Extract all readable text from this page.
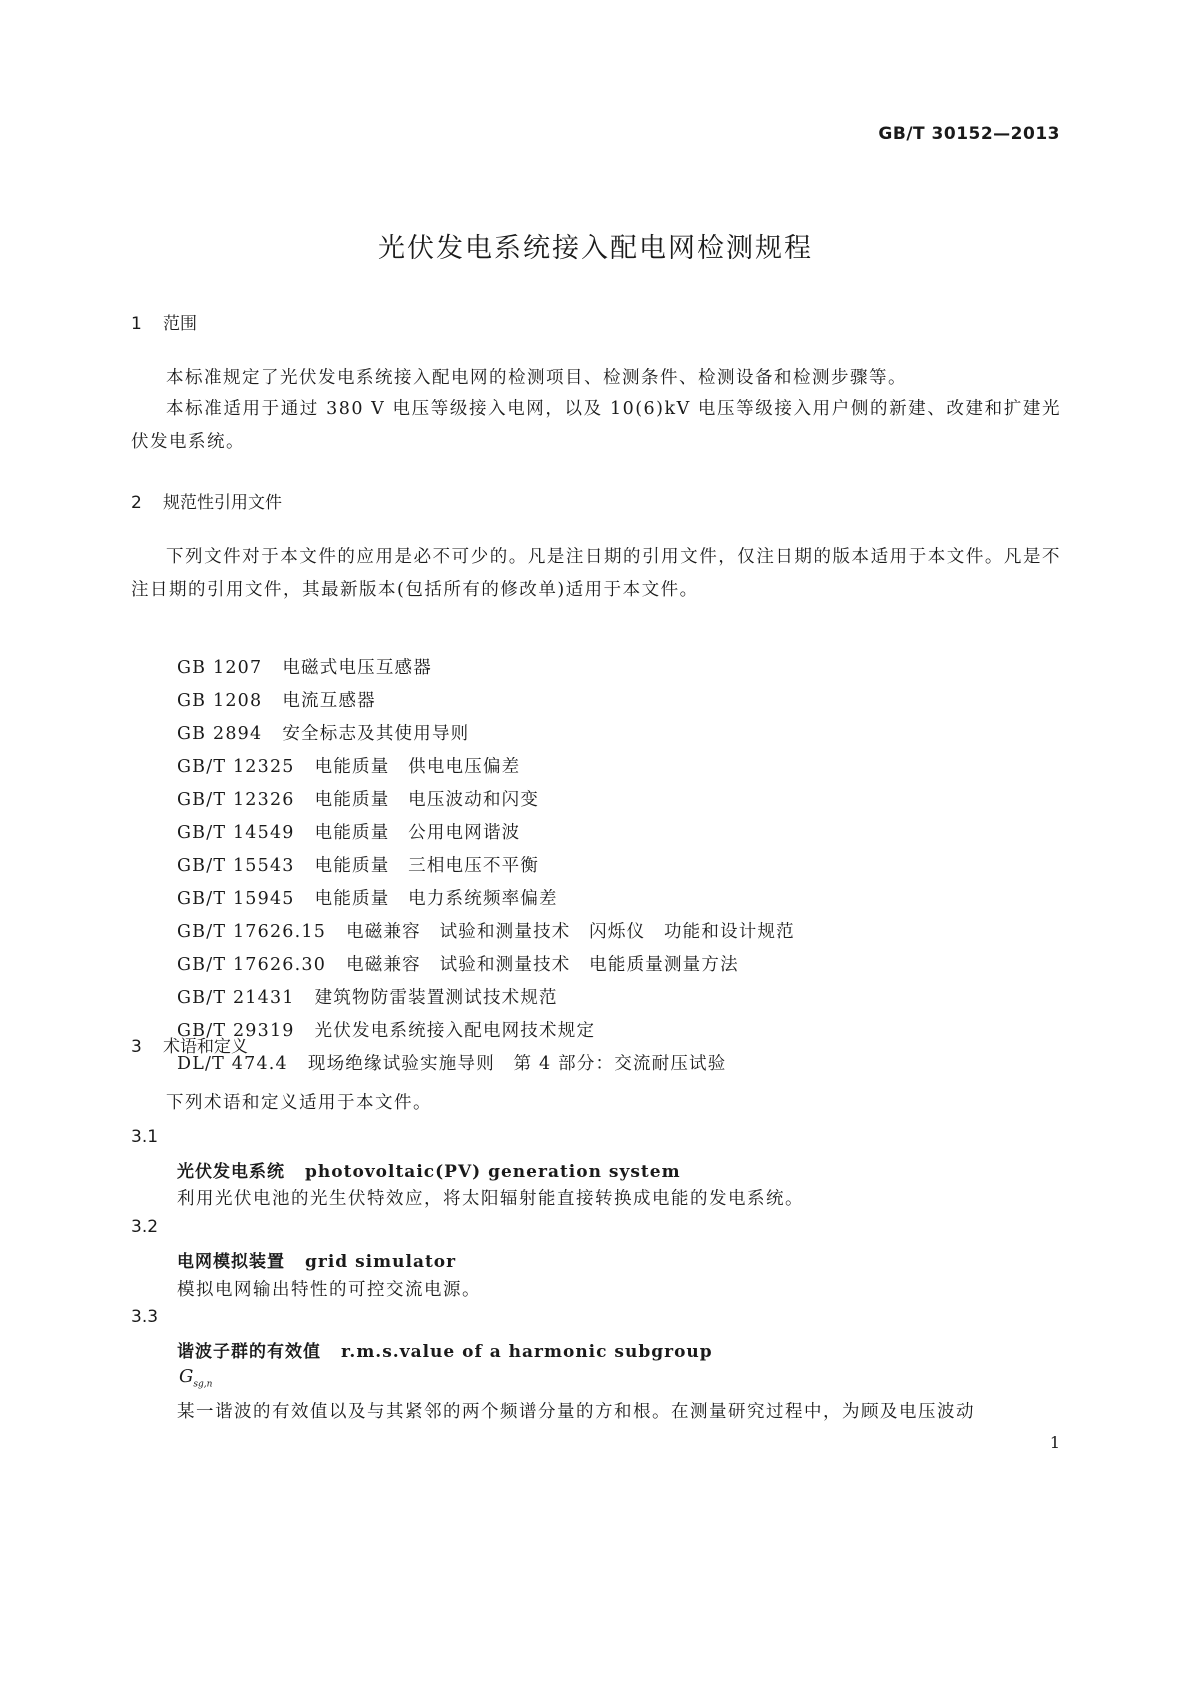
GB/T 30152—2013
光伏发电系统接入配电网检测规程
1 范围
本标准规定了光伏发电系统接入配电网的检测项目、检测条件、检测设备和检测步骤等。
本标准适用于通过 380 V 电压等级接入电网，以及 10(6)kV 电压等级接入用户侧的新建、改建和扩建光伏发电系统。
2 规范性引用文件
下列文件对于本文件的应用是必不可少的。凡是注日期的引用文件，仅注日期的版本适用于本文件。凡是不注日期的引用文件，其最新版本(包括所有的修改单)适用于本文件。
GB 1207 电磁式电压互感器
GB 1208 电流互感器
GB 2894 安全标志及其使用导则
GB/T 12325 电能质量　供电电压偏差
GB/T 12326 电能质量　电压波动和闪变
GB/T 14549 电能质量　公用电网谐波
GB/T 15543 电能质量　三相电压不平衡
GB/T 15945 电能质量　电力系统频率偏差
GB/T 17626.15 电磁兼容　试验和测量技术　闪烁仪　功能和设计规范
GB/T 17626.30 电磁兼容　试验和测量技术　电能质量测量方法
GB/T 21431 建筑物防雷装置测试技术规范
GB/T 29319 光伏发电系统接入配电网技术规定
DL/T 474.4 现场绝缘试验实施导则　第 4 部分：交流耐压试验
3 术语和定义
下列术语和定义适用于本文件。
3.1
光伏发电系统 photovoltaic(PV) generation system
利用光伏电池的光生伏特效应，将太阳辐射能直接转换成电能的发电系统。
3.2
电网模拟装置 grid simulator
模拟电网输出特性的可控交流电源。
3.3
谐波子群的有效值 r.m.s.value of a harmonic subgroup
$G_{sg,n}$
某一谐波的有效值以及与其紧邻的两个频谱分量的方和根。在测量研究过程中，为顾及电压波动
1
